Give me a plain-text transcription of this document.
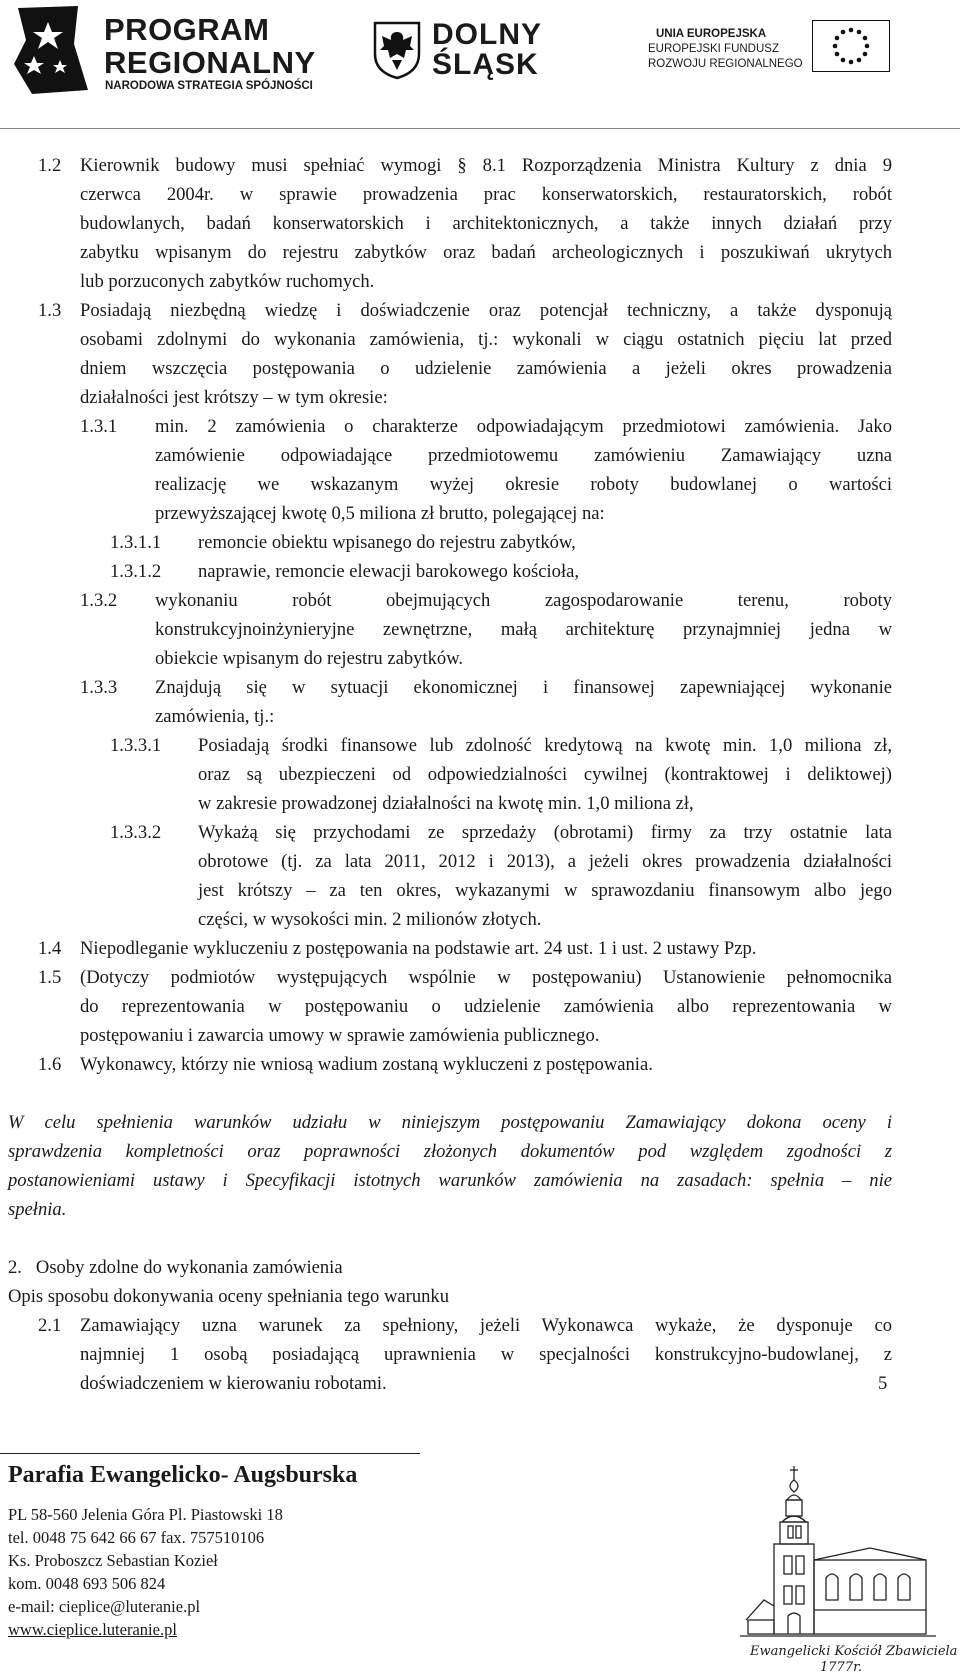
PROGRAM
REGIONALNY
NARODOWA STRATEGIA SPÓJNOŚCI
DOLNY
ŚLĄSK
UNIA EUROPEJSKA
EUROPEJSKI FUNDUSZ
ROZWOJU REGIONALNEGO
1.2 Kierownik budowy musi spełniać wymogi § 8.1 Rozporządzenia Ministra Kultury z dnia 9
czerwca 2004r. w sprawie prowadzenia prac konserwatorskich, restauratorskich, robót
budowlanych, badań konserwatorskich i architektonicznych, a także innych działań przy
zabytku wpisanym do rejestru zabytków oraz badań archeologicznych i poszukiwań ukrytych
lub porzuconych zabytków ruchomych.
1.3 Posiadają niezbędną wiedzę i doświadczenie oraz potencjał techniczny, a także dysponują
osobami zdolnymi do wykonania zamówienia, tj.: wykonali w ciągu ostatnich pięciu lat przed
dniem wszczęcia postępowania o udzielenie zamówienia a jeżeli okres prowadzenia
działalności jest krótszy – w tym okresie:
1.3.1 min. 2 zamówienia o charakterze odpowiadającym przedmiotowi zamówienia. Jako
zamówienie odpowiadające przedmiotowemu zamówieniu Zamawiający uzna
realizację we wskazanym wyżej okresie roboty budowlanej o wartości
przewyższającej kwotę 0,5 miliona zł brutto, polegającej na:
1.3.1.1 remoncie obiektu wpisanego do rejestru zabytków,
1.3.1.2 naprawie, remoncie elewacji barokowego kościoła,
1.3.2 wykonaniu robót obejmujących zagospodarowanie terenu, roboty
konstrukcyjnoinżynieryjne zewnętrzne, małą architekturę przynajmniej jedna w
obiekcie wpisanym do rejestru zabytków.
1.3.3 Znajdują się w sytuacji ekonomicznej i finansowej zapewniającej wykonanie
zamówienia, tj.:
1.3.3.1 Posiadają środki finansowe lub zdolność kredytową na kwotę min. 1,0 miliona zł,
oraz są ubezpieczeni od odpowiedzialności cywilnej (kontraktowej i deliktowej)
w zakresie prowadzonej działalności na kwotę min. 1,0 miliona zł,
1.3.3.2 Wykażą się przychodami ze sprzedaży (obrotami) firmy za trzy ostatnie lata
obrotowe (tj. za lata 2011, 2012 i 2013), a jeżeli okres prowadzenia działalności
jest krótszy – za ten okres, wykazanymi w sprawozdaniu finansowym albo jego
części, w wysokości min. 2 milionów złotych.
1.4 Niepodleganie wykluczeniu z postępowania na podstawie art. 24 ust. 1 i ust. 2 ustawy Pzp.
1.5 (Dotyczy podmiotów występujących wspólnie w postępowaniu) Ustanowienie pełnomocnika
do reprezentowania w postępowaniu o udzielenie zamówienia albo reprezentowania w
postępowaniu i zawarcia umowy w sprawie zamówienia publicznego.
1.6 Wykonawcy, którzy nie wniosą wadium zostaną wykluczeni z postępowania.
W celu spełnienia warunków udziału w niniejszym postępowaniu Zamawiający dokona oceny i
sprawdzenia kompletności oraz poprawności złożonych dokumentów pod względem zgodności z
postanowieniami ustawy i Specyfikacji istotnych warunków zamówienia na zasadach: spełnia – nie
spełnia.
2.   Osoby zdolne do wykonania zamówienia
Opis sposobu dokonywania oceny spełniania tego warunku
2.1 Zamawiający uzna warunek za spełniony, jeżeli Wykonawca wykaże, że dysponuje co
najmniej 1 osobą posiadającą uprawnienia w specjalności konstrukcyjno-budowlanej, z
doświadczeniem w kierowaniu robotami.	5
Parafia Ewangelicko- Augsburska
PL 58-560 Jelenia Góra Pl. Piastowski 18
tel. 0048 75 642 66 67 fax. 757510106
Ks. Proboszcz Sebastian Kozieł
kom. 0048 693 506 824
e-mail: cieplice@luteranie.pl
www.cieplice.luteranie.pl
Ewangelicki Kościół Zbawiciela
1777r.
